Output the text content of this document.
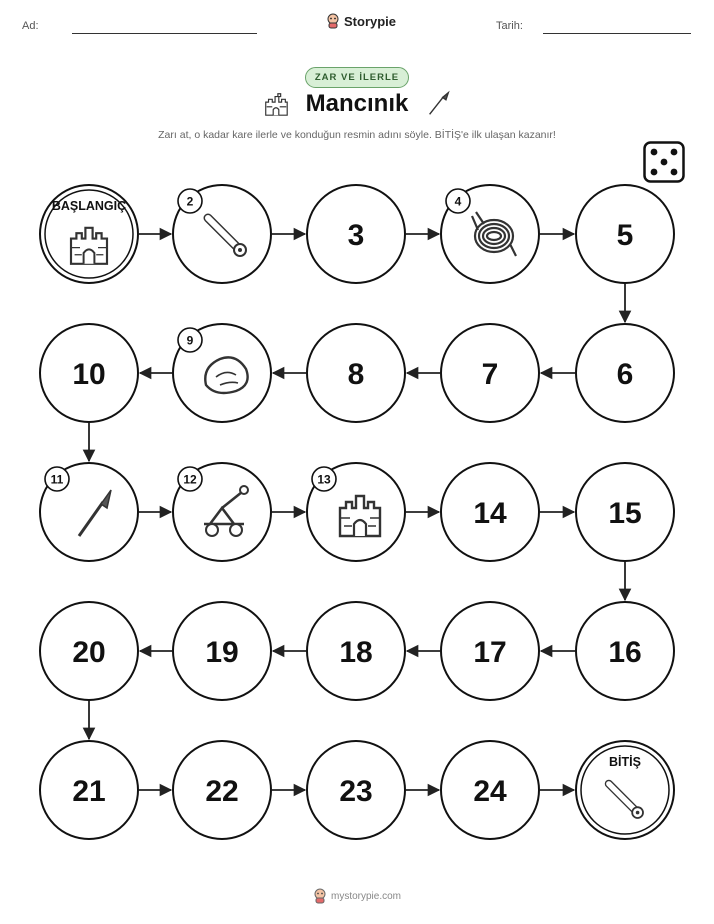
Ad:	Storypie	Tarih:
ZAR VE İLERLE
Mancınık
Zarı at, o kadar kare ilerle ve konduğun resmin adını söyle. BİTİŞ'e ilk ulaşan kazanır!
BAŞLANGIÇ	2
3
4
5
6
7
8
9
10
11	12	13
14	15
16
17
18
19
20
21	22	23	24
BİTİŞ
mystorypie.com
